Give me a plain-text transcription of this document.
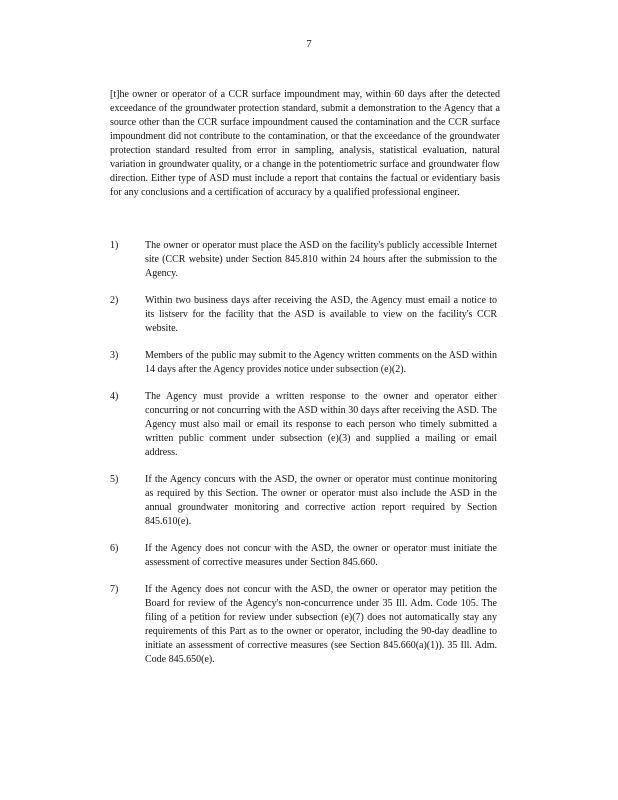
7

[t]he owner or operator of a CCR surface impoundment may, within 60 days after the detected exceedance of the groundwater protection standard, submit a demonstration to the Agency that a source other than the CCR surface impoundment caused the contamination and the CCR surface impoundment did not contribute to the contamination, or that the exceedance of the groundwater protection standard resulted from error in sampling, analysis, statistical evaluation, natural variation in groundwater quality, or a change in the potentiometric surface and groundwater flow direction. Either type of ASD must include a report that contains the factual or evidentiary basis for any conclusions and a certification of accuracy by a qualified professional engineer.

1)	The owner or operator must place the ASD on the facility's publicly accessible Internet site (CCR website) under Section 845.810 within 24 hours after the submission to the Agency.
2)	Within two business days after receiving the ASD, the Agency must email a notice to its listserv for the facility that the ASD is available to view on the facility's CCR website.
3)	Members of the public may submit to the Agency written comments on the ASD within 14 days after the Agency provides notice under subsection (e)(2).
4)	The Agency must provide a written response to the owner and operator either concurring or not concurring with the ASD within 30 days after receiving the ASD. The Agency must also mail or email its response to each person who timely submitted a written public comment under subsection (e)(3) and supplied a mailing or email address.
5)	If the Agency concurs with the ASD, the owner or operator must continue monitoring as required by this Section. The owner or operator must also include the ASD in the annual groundwater monitoring and corrective action report required by Section 845.610(e).
6)	If the Agency does not concur with the ASD, the owner or operator must initiate the assessment of corrective measures under Section 845.660.
7)	If the Agency does not concur with the ASD, the owner or operator may petition the Board for review of the Agency's non-concurrence under 35 Ill. Adm. Code 105. The filing of a petition for review under subsection (e)(7) does not automatically stay any requirements of this Part as to the owner or operator, including the 90-day deadline to initiate an assessment of corrective measures (see Section 845.660(a)(1)). 35 Ill. Adm. Code 845.650(e).
